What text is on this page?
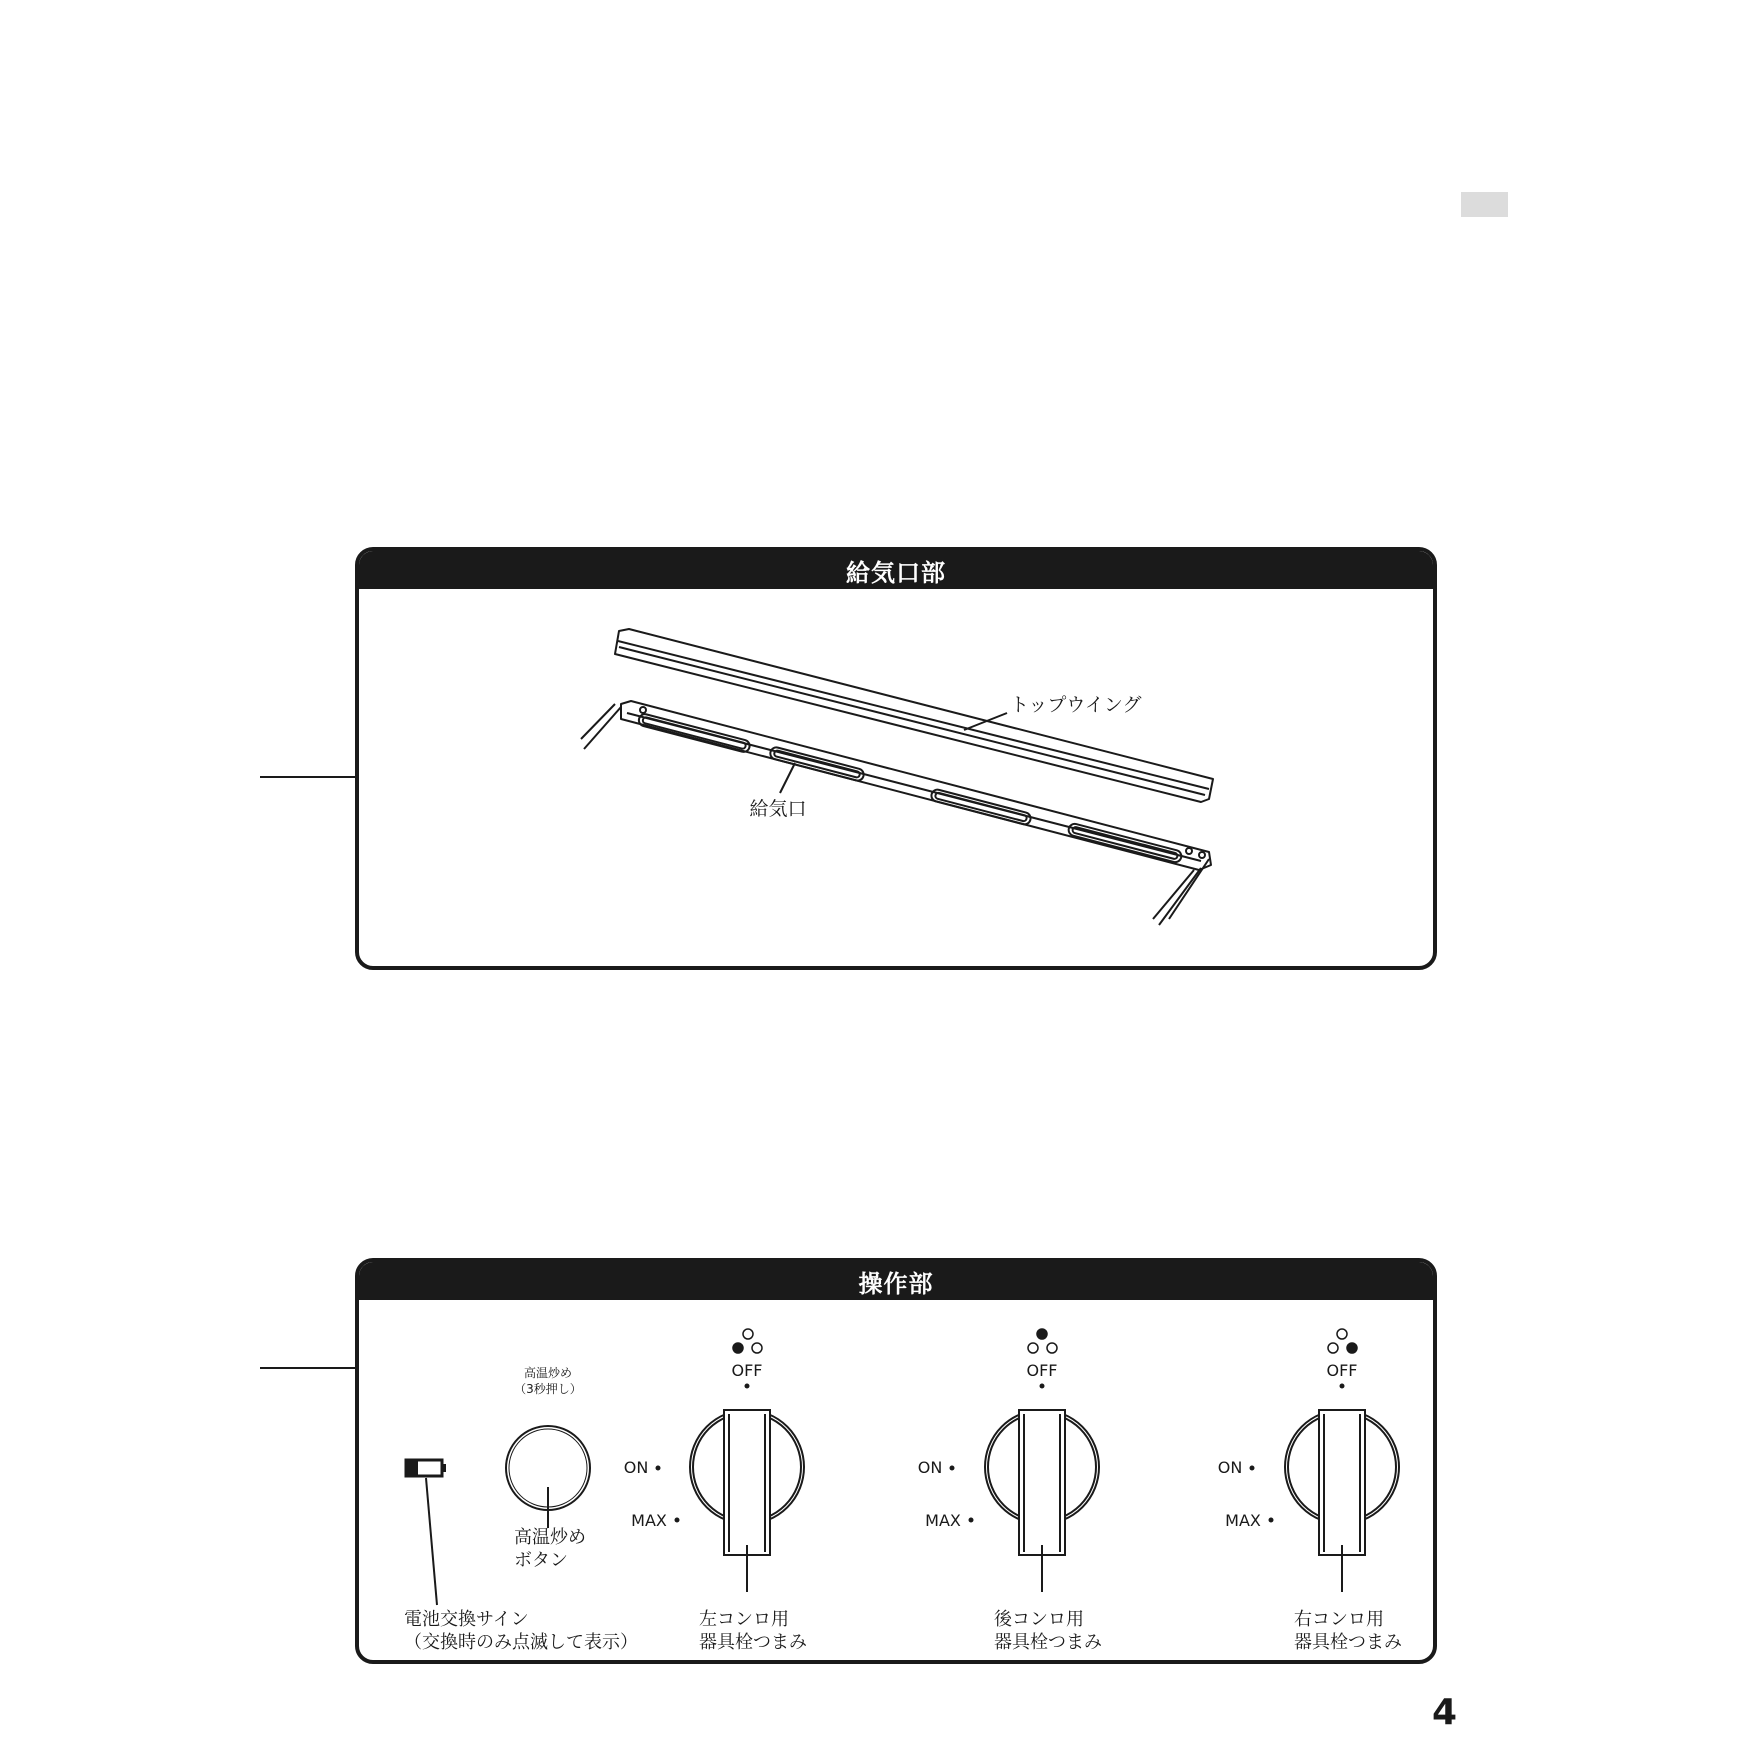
給気口部
トップウイング
給気口
操作部
電池交換サイン
（交換時のみ点滅して表示）
高温炒め
（3秒押し）
高温炒め
ボタン
OFF
ON
MAX
左コンロ用
器具栓つまみ
OFF
ON
MAX
後コンロ用
器具栓つまみ
OFF
ON
MAX
右コンロ用
器具栓つまみ
4
